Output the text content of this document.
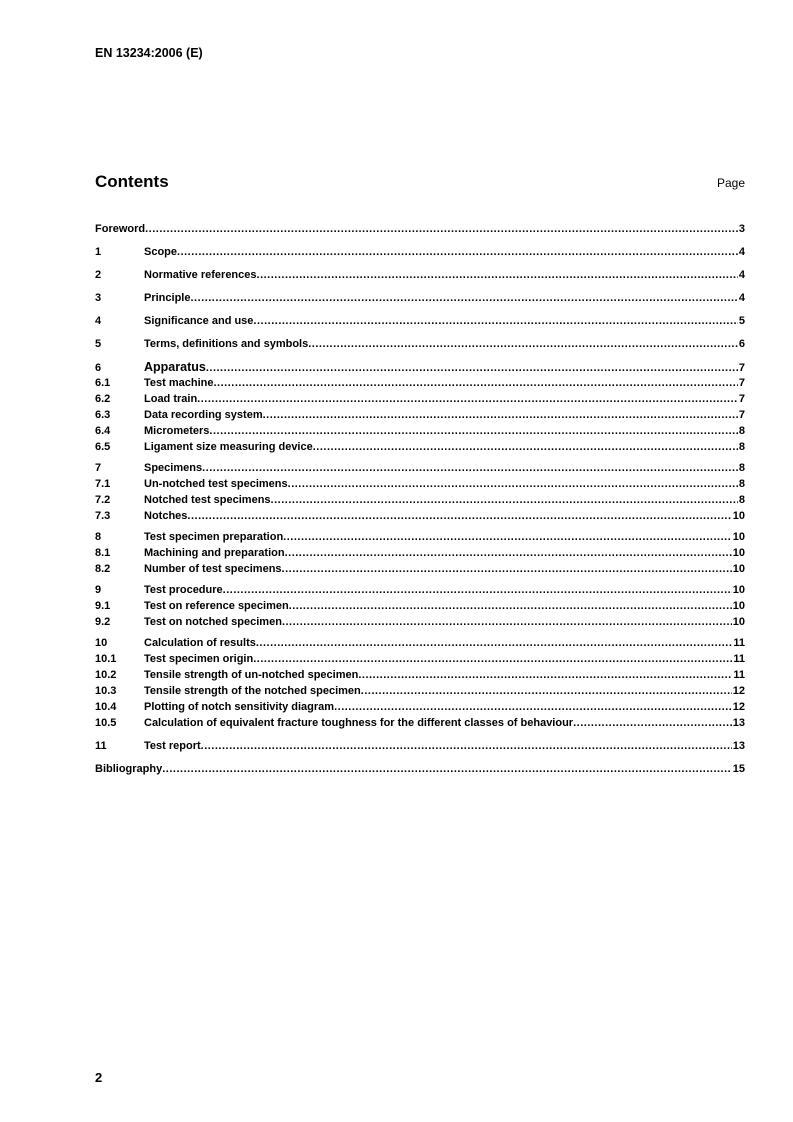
EN 13234:2006 (E)
Contents	Page
Foreword .....	3
1	Scope .....	4
2	Normative references .....	4
3	Principle .....	4
4	Significance and use .....	5
5	Terms, definitions and symbols .....	6
6	Apparatus .....	7
6.1	Test machine .....	7
6.2	Load train .....	7
6.3	Data recording system .....	7
6.4	Micrometers .....	8
6.5	Ligament size measuring device .....	8
7	Specimens .....	8
7.1	Un-notched test specimens .....	8
7.2	Notched test specimens .....	8
7.3	Notches .....	10
8	Test specimen preparation .....	10
8.1	Machining and preparation .....	10
8.2	Number of test specimens .....	10
9	Test procedure .....	10
9.1	Test on reference specimen .....	10
9.2	Test on notched specimen .....	10
10	Calculation of results .....	11
10.1	Test specimen origin .....	11
10.2	Tensile strength of un-notched specimen .....	11
10.3	Tensile strength of the notched specimen .....	12
10.4	Plotting of notch sensitivity diagram .....	12
10.5	Calculation of equivalent fracture toughness for the different classes of behaviour .....	13
11	Test report .....	13
Bibliography .....	15
2
